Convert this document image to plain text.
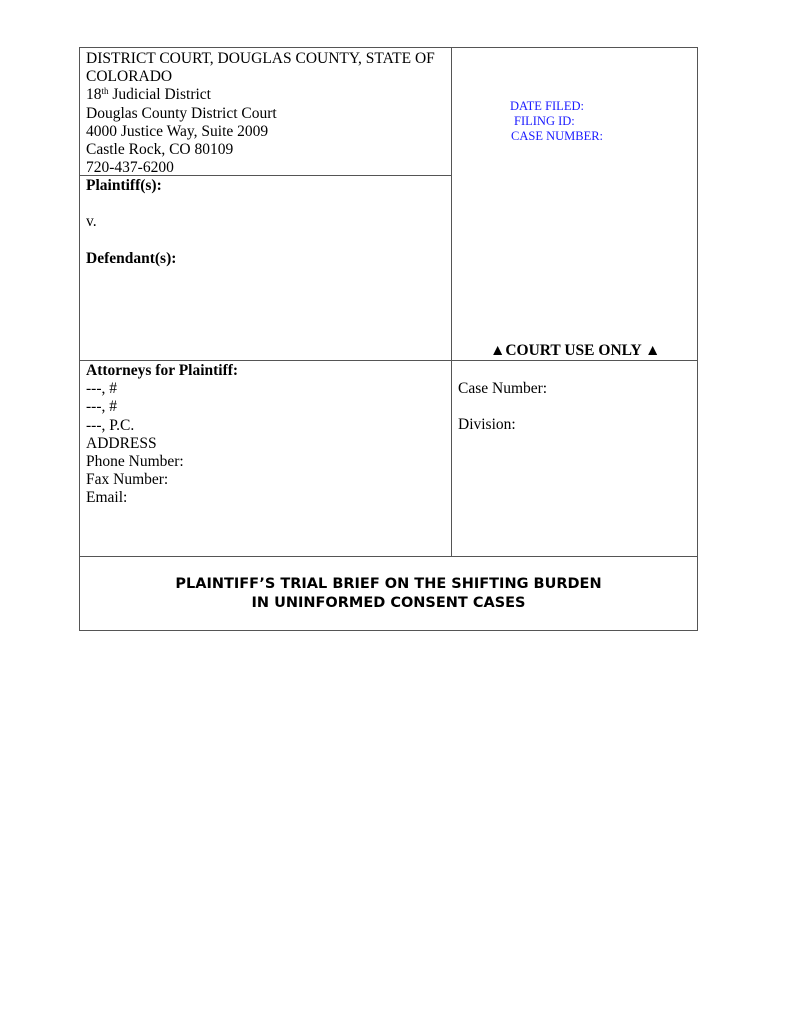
DISTRICT COURT, DOUGLAS COUNTY, STATE OF
COLORADO
18th Judicial District
Douglas County District Court
4000 Justice Way, Suite 2009
Castle Rock, CO 80109
720-437-6200
Plaintiff(s):

v.

Defendant(s):
DATE FILED:
FILING ID:
CASE NUMBER:
▲COURT USE ONLY ▲
Attorneys for Plaintiff:
---, #
---, #
---, P.C.
ADDRESS
Phone Number:
Fax Number:
Email:
Case Number:

Division:
PLAINTIFF’S TRIAL BRIEF ON THE SHIFTING BURDEN
IN UNINFORMED CONSENT CASES
